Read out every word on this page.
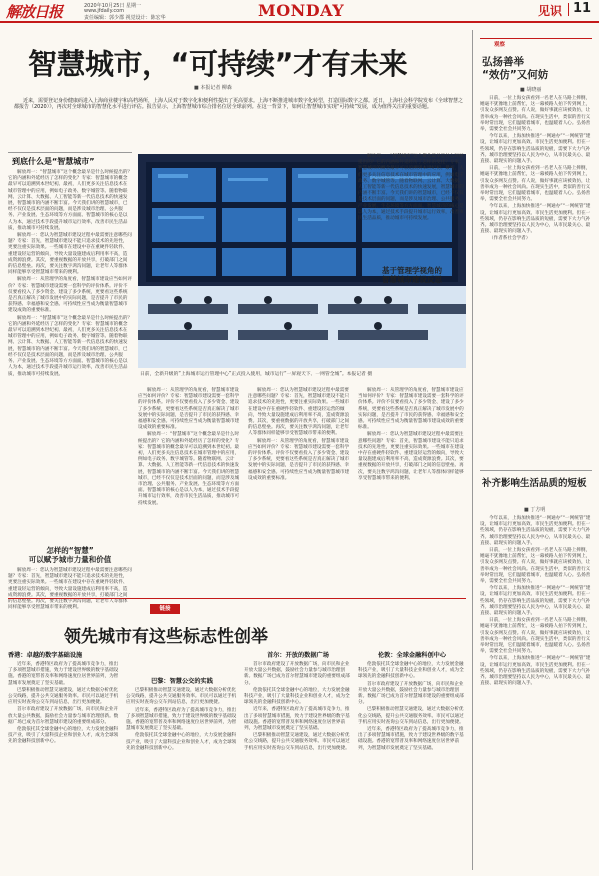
解放日报	2020年10月25日 星期一
www.jfdaily.com
责任编辑：郭少郡 视觉设计：陈宏华	MONDAY	见识 11
智慧城市，“可持续”才有未来
■ 本报记者 柳森

近来，需要登记身份健康码进入上海商业楼宇和高档场所，上海人民对于数字化和便利性提出了更高要求。上海不断推进城市数字化转型，打造国际数字之都。近日，上海社会科学院发布《全球智慧之都报告（2020）》，再次对全球城市的智慧化水平进行评估。报告显示，上海智慧城市综合排名位居全球前列。在这一背景下，如何让智慧城市实现“可持续”发展，成为值得关注的重要话题。

到底什么是“智慧城市”

解放周一：“智慧城市”这个概念最早是什么时候提出的？它的内涵和外延经历了怎样的变化？专家：智慧城市的概念最早可以追溯到本世纪初。最初，人们更多关注信息技术在城市管理中的应用，例如电子政务、数字城管等。随着物联网、云计算、大数据、人工智能等新一代信息技术的快速发展，智慧城市的内涵不断丰富。今天我们讲的智慧城市，已经不仅仅是技术层面的问题，而是涉及城市治理、公共服务、产业发展、生态环境等方方面面。智慧城市的核心是以人为本，通过技术手段提升城市运行效率，改善市民生活品质，推动城市可持续发展。

解放周一：您认为智慧城市建设过程中最需要注意哪些问题？专家：首先，智慧城市建设不能只追求技术的先进性，更要注重实际效果。一些城市在建设中存在重硬件轻软件、重建设轻运营的倾向，导致大量设施建成后利用率不高，造成资源浪费。其次，要重视数据的开放共享，打破部门之间的信息壁垒。再次，要关注数字鸿沟问题，让老年人等群体同样能够享受智慧城市带来的便利。

解放周一：从管理学的角度看，智慧城市建设应当如何评价？专家：智慧城市建设需要一套科学的评价体系。评价不仅要看投入了多少资金、建设了多少系统，更要看这些系统是否真正解决了城市发展中的实际问题，是否提升了市民的获得感、幸福感和安全感。可持续性应当成为衡量智慧城市建设成效的重要标准。

解放周一：“智慧城市”这个概念最早是什么时候提出的？它的内涵和外延经历了怎样的变化？专家：智慧城市的概念最早可以追溯到本世纪初。最初，人们更多关注信息技术在城市管理中的应用，例如电子政务、数字城管等。随着物联网、云计算、大数据、人工智能等新一代信息技术的快速发展，智慧城市的内涵不断丰富。今天我们讲的智慧城市，已经不仅仅是技术层面的问题，而是涉及城市治理、公共服务、产业发展、生态环境等方方面面。智慧城市的核心是以人为本，通过技术手段提升城市运行效率，改善市民生活品质，推动城市可持续发展。

怎样的“智慧”
可以赋予城市力量和价值

解放周一：您认为智慧城市建设过程中最需要注意哪些问题？专家：首先，智慧城市建设不能只追求技术的先进性，更要注重实际效果。一些城市在建设中存在重硬件轻软件、重建设轻运营的倾向，导致大量设施建成后利用率不高，造成资源浪费。其次，要重视数据的开放共享，打破部门之间的信息壁垒。再次，要关注数字鸿沟问题，让老年人等群体同样能够享受智慧城市带来的便利。

日前，全新升级的“上海城市运行管理中心”正式投入使用，城市运行“一屏观天下、一网管全城”。本报记者 摄

解放周一：从管理学的角度看，智慧城市建设应当如何评价？专家：智慧城市建设需要一套科学的评价体系。评价不仅要看投入了多少资金、建设了多少系统，更要看这些系统是否真正解决了城市发展中的实际问题，是否提升了市民的获得感、幸福感和安全感。可持续性应当成为衡量智慧城市建设成效的重要标准。

解放周一：“智慧城市”这个概念最早是什么时候提出的？它的内涵和外延经历了怎样的变化？专家：智慧城市的概念最早可以追溯到本世纪初。最初，人们更多关注信息技术在城市管理中的应用，例如电子政务、数字城管等。随着物联网、云计算、大数据、人工智能等新一代信息技术的快速发展，智慧城市的内涵不断丰富。今天我们讲的智慧城市，已经不仅仅是技术层面的问题，而是涉及城市治理、公共服务、产业发展、生态环境等方方面面。智慧城市的核心是以人为本，通过技术手段提升城市运行效率，改善市民生活品质，推动城市可持续发展。

解放周一：您认为智慧城市建设过程中最需要注意哪些问题？专家：首先，智慧城市建设不能只追求技术的先进性，更要注重实际效果。一些城市在建设中存在重硬件轻软件、重建设轻运营的倾向，导致大量设施建成后利用率不高，造成资源浪费。其次，要重视数据的开放共享，打破部门之间的信息壁垒。再次，要关注数字鸿沟问题，让老年人等群体同样能够享受智慧城市带来的便利。

解放周一：从管理学的角度看，智慧城市建设应当如何评价？专家：智慧城市建设需要一套科学的评价体系。评价不仅要看投入了多少资金、建设了多少系统，更要看这些系统是否真正解决了城市发展中的实际问题，是否提升了市民的获得感、幸福感和安全感。可持续性应当成为衡量智慧城市建设成效的重要标准。

解放周一：“智慧城市”这个概念最早是什么时候提出的？它的内涵和外延经历了怎样的变化？专家：智慧城市的概念最早可以追溯到本世纪初。最初，人们更多关注信息技术在城市管理中的应用，例如电子政务、数字城管等。随着物联网、云计算、大数据、人工智能等新一代信息技术的快速发展，智慧城市的内涵不断丰富。今天我们讲的智慧城市，已经不仅仅是技术层面的问题，而是涉及城市治理、公共服务、产业发展、生态环境等方方面面。智慧城市的核心是以人为本，通过技术手段提升城市运行效率，改善市民生活品质，推动城市可持续发展。

基于管理学视角的
智慧城市建设反思

解放周一：从管理学的角度看，智慧城市建设应当如何评价？专家：智慧城市建设需要一套科学的评价体系。评价不仅要看投入了多少资金、建设了多少系统，更要看这些系统是否真正解决了城市发展中的实际问题，是否提升了市民的获得感、幸福感和安全感。可持续性应当成为衡量智慧城市建设成效的重要标准。

解放周一：您认为智慧城市建设过程中最需要注意哪些问题？专家：首先，智慧城市建设不能只追求技术的先进性，更要注重实际效果。一些城市在建设中存在重硬件轻软件、重建设轻运营的倾向，导致大量设施建成后利用率不高，造成资源浪费。其次，要重视数据的开放共享，打破部门之间的信息壁垒。再次，要关注数字鸿沟问题，让老年人等群体同样能够享受智慧城市带来的便利。

观察
弘扬善举
“效仿”又何妨
■ 胡晓丽

日前，一位上海女孩看到一名老人在马路上摔倒，她毫不犹豫地上前帮忙，这一幕被路人拍下传到网上，引发众多网友点赞。有人说，做好事就应该被效仿，让善举成为一种社会风尚。在现实生活中，类似的善行义举时常出现，它们温暖着城市，也温暖着人心。弘扬善举，需要全社会共同努力。

今年以来，上海加快推进“一网通办”“一网统管”建设，让城市运行更加高效、市民生活更加便利。但在一些领域，仍存在影响生活品质的短板，需要下大力气补齐。城市治理要坚持以人民为中心，从市民最关心、最直接、最现实的问题入手。

日前，一位上海女孩看到一名老人在马路上摔倒，她毫不犹豫地上前帮忙，这一幕被路人拍下传到网上，引发众多网友点赞。有人说，做好事就应该被效仿，让善举成为一种社会风尚。在现实生活中，类似的善行义举时常出现，它们温暖着城市，也温暖着人心。弘扬善举，需要全社会共同努力。

今年以来，上海加快推进“一网通办”“一网统管”建设，让城市运行更加高效、市民生活更加便利。但在一些领域，仍存在影响生活品质的短板，需要下大力气补齐。城市治理要坚持以人民为中心，从市民最关心、最直接、最现实的问题入手。

（作者系社会学者）

补齐影响生活品质的短板
■ 丁方明

今年以来，上海加快推进“一网通办”“一网统管”建设，让城市运行更加高效、市民生活更加便利。但在一些领域，仍存在影响生活品质的短板，需要下大力气补齐。城市治理要坚持以人民为中心，从市民最关心、最直接、最现实的问题入手。

日前，一位上海女孩看到一名老人在马路上摔倒，她毫不犹豫地上前帮忙，这一幕被路人拍下传到网上，引发众多网友点赞。有人说，做好事就应该被效仿，让善举成为一种社会风尚。在现实生活中，类似的善行义举时常出现，它们温暖着城市，也温暖着人心。弘扬善举，需要全社会共同努力。

今年以来，上海加快推进“一网通办”“一网统管”建设，让城市运行更加高效、市民生活更加便利。但在一些领域，仍存在影响生活品质的短板，需要下大力气补齐。城市治理要坚持以人民为中心，从市民最关心、最直接、最现实的问题入手。

日前，一位上海女孩看到一名老人在马路上摔倒，她毫不犹豫地上前帮忙，这一幕被路人拍下传到网上，引发众多网友点赞。有人说，做好事就应该被效仿，让善举成为一种社会风尚。在现实生活中，类似的善行义举时常出现，它们温暖着城市，也温暖着人心。弘扬善举，需要全社会共同努力。

今年以来，上海加快推进“一网通办”“一网统管”建设，让城市运行更加高效、市民生活更加便利。但在一些领域，仍存在影响生活品质的短板，需要下大力气补齐。城市治理要坚持以人民为中心，从市民最关心、最直接、最现实的问题入手。

链接
领先城市有这些标志性创举
香港：卓越的数字基础设施

近年来，香港特区政府为了提高城市竞争力，推出了多项智慧城市措施，致力于建设世界级的数字基础设施。香港的宽带普及率和网络速度位居世界前列，为智慧城市发展奠定了坚实基础。

巴黎积极推动智慧交通建设，通过大数据分析优化公交线路，提升公共交通服务效率。市民可以通过手机应用实时查询公交车到站信息，出行更加便捷。

首尔市政府建设了开放数据广场，向市民和企业开放大量公共数据，鼓励社会力量参与城市治理创新。数据广场已成为首尔智慧城市建设的重要组成部分。

伦敦依托其全球金融中心的地位，大力发展金融科技产业，吸引了大量科技企业和创业人才，成为全球领先的金融科技创新中心。

巴黎：智慧公交的实践

巴黎积极推动智慧交通建设，通过大数据分析优化公交线路，提升公共交通服务效率。市民可以通过手机应用实时查询公交车到站信息，出行更加便捷。

近年来，香港特区政府为了提高城市竞争力，推出了多项智慧城市措施，致力于建设世界级的数字基础设施。香港的宽带普及率和网络速度位居世界前列，为智慧城市发展奠定了坚实基础。

伦敦依托其全球金融中心的地位，大力发展金融科技产业，吸引了大量科技企业和创业人才，成为全球领先的金融科技创新中心。

首尔：开放的数据广场

首尔市政府建设了开放数据广场，向市民和企业开放大量公共数据，鼓励社会力量参与城市治理创新。数据广场已成为首尔智慧城市建设的重要组成部分。

伦敦依托其全球金融中心的地位，大力发展金融科技产业，吸引了大量科技企业和创业人才，成为全球领先的金融科技创新中心。

近年来，香港特区政府为了提高城市竞争力，推出了多项智慧城市措施，致力于建设世界级的数字基础设施。香港的宽带普及率和网络速度位居世界前列，为智慧城市发展奠定了坚实基础。

巴黎积极推动智慧交通建设，通过大数据分析优化公交线路，提升公共交通服务效率。市民可以通过手机应用实时查询公交车到站信息，出行更加便捷。

伦敦：全球金融科创中心

伦敦依托其全球金融中心的地位，大力发展金融科技产业，吸引了大量科技企业和创业人才，成为全球领先的金融科技创新中心。

首尔市政府建设了开放数据广场，向市民和企业开放大量公共数据，鼓励社会力量参与城市治理创新。数据广场已成为首尔智慧城市建设的重要组成部分。

巴黎积极推动智慧交通建设，通过大数据分析优化公交线路，提升公共交通服务效率。市民可以通过手机应用实时查询公交车到站信息，出行更加便捷。

近年来，香港特区政府为了提高城市竞争力，推出了多项智慧城市措施，致力于建设世界级的数字基础设施。香港的宽带普及率和网络速度位居世界前列，为智慧城市发展奠定了坚实基础。
